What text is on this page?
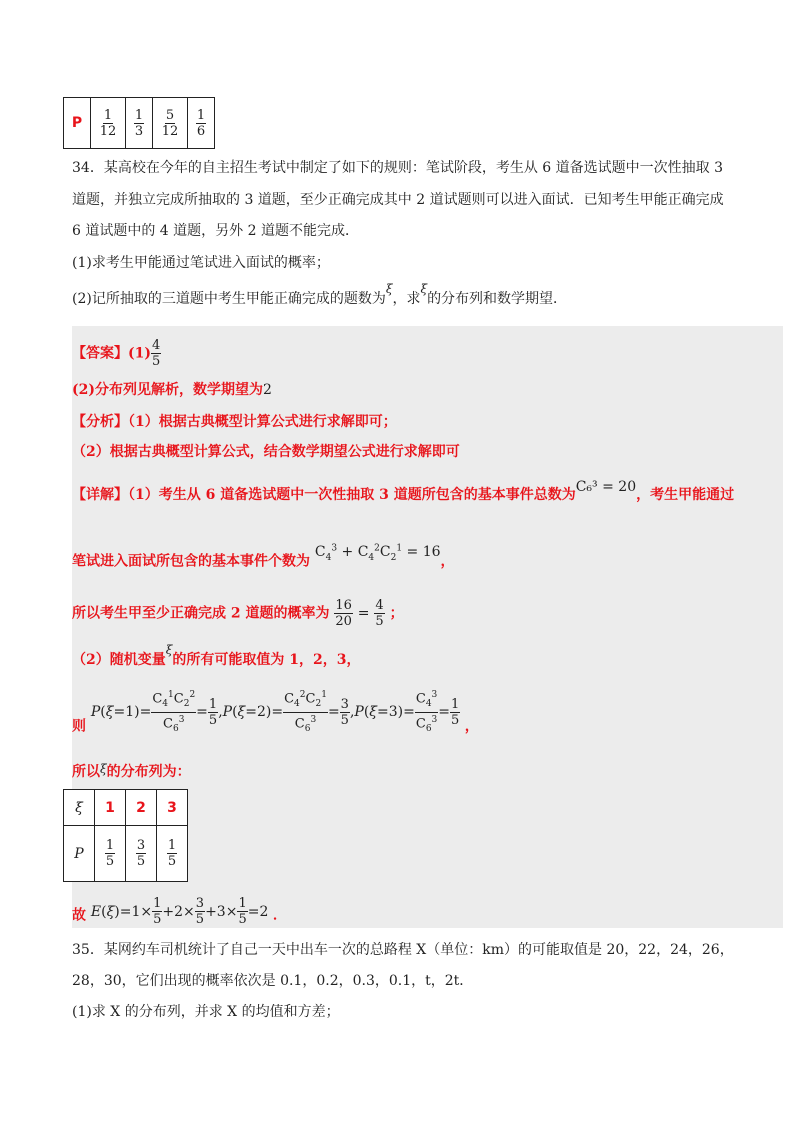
P	$\frac{1}{12}$	$\frac{1}{3}$	$\frac{5}{12}$	$\frac{1}{6}$
34．某高校在今年的自主招生考试中制定了如下的规则：笔试阶段，考生从 6 道备选试题中一次性抽取 3
道题，并独立完成所抽取的 3 道题，至少正确完成其中 2 道试题则可以进入面试．已知考生甲能正确完成
6 道试题中的 4 道题，另外 2 道题不能完成．
(1)求考生甲能通过笔试进入面试的概率；
(2)记所抽取的三道题中考生甲能正确完成的题数为ξ，求ξ的分布列和数学期望．
【答案】$(1) \frac{4}{5}$
(2)分布列见解析，数学期望为2
【分析】（1）根据古典概型计算公式进行求解即可；
（2）根据古典概型计算公式，结合数学期望公式进行求解即可
【详解】（1）考生从 6 道备选试题中一次性抽取 3 道题所包含的基本事件总数为C₆³ = 20，考生甲能通过
笔试进入面试所包含的基本事件个数为 $C_4^3 + C_4^2C_2^1 = 16$，
所以考生甲至少正确完成 2 道题的概率为 $\frac{16}{20} = \frac{4}{5}$ ；
（2）随机变量ξ的所有可能取值为 1，2，3，
则 $P(\xi=1)= \frac{C_4^1C_2^2}{C_6^3} = \frac{1}{5} ,P(\xi=2)= \frac{C_4^2C_2^1}{C_6^3} = \frac{3}{5} ,P(\xi=3)= \frac{C_4^3}{C_6^3} = \frac{1}{5}$ ，
所以ξ的分布列为：
ξ	1	2	3
P	$\frac{1}{5}$	$\frac{3}{5}$	$\frac{1}{5}$
故 $E(\xi)=1\times \frac{1}{5} +2\times \frac{3}{5} +3\times \frac{1}{5} =2$ ．
35．某网约车司机统计了自己一天中出车一次的总路程 X（单位：km）的可能取值是 20，22，24，26，
28，30，它们出现的概率依次是 0.1，0.2，0.3，0.1，t，2t．
(1)求 X 的分布列，并求 X 的均值和方差；
